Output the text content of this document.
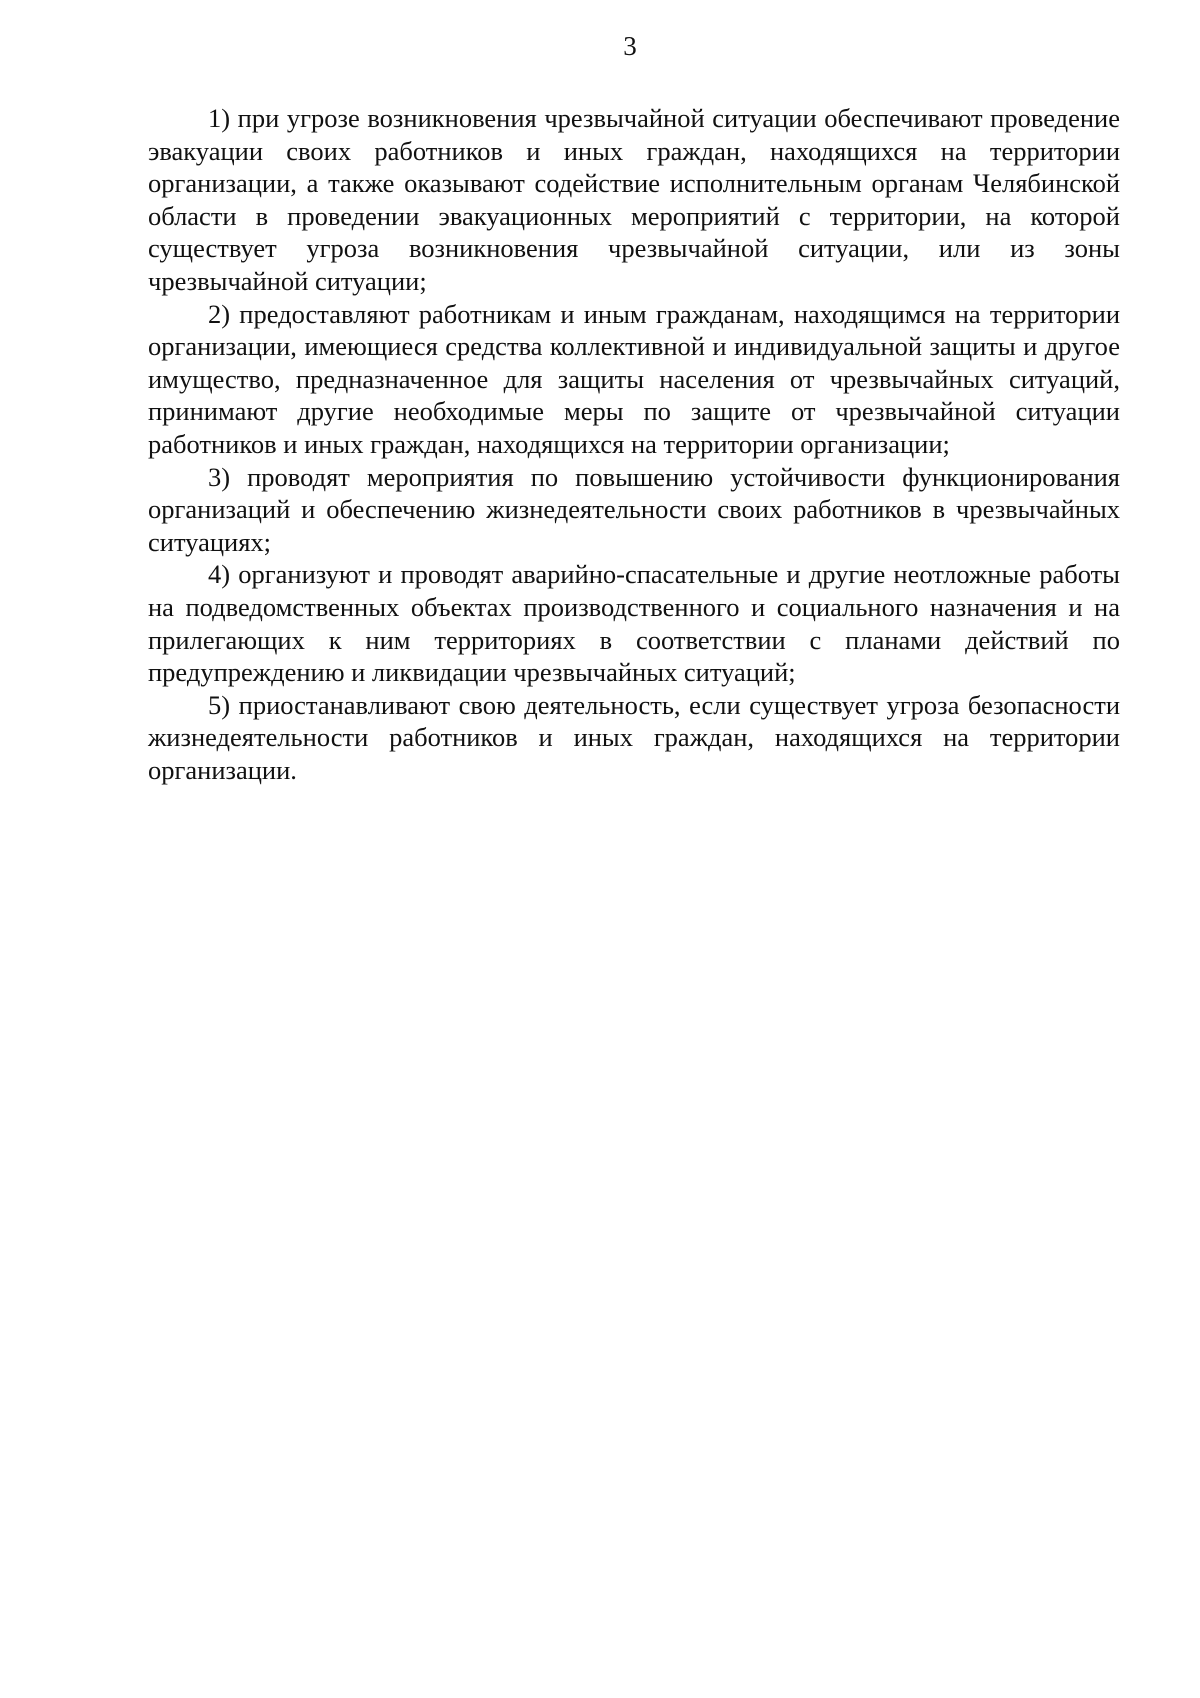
3

1) при угрозе возникновения чрезвычайной ситуации обеспечивают проведение эвакуации своих работников и иных граждан, находящихся на территории организации, а также оказывают содействие исполнительным органам Челябинской области в проведении эвакуационных мероприятий с территории, на которой существует угроза возникновения чрезвычайной ситуации, или из зоны чрезвычайной ситуации;

2) предоставляют работникам и иным гражданам, находящимся на территории организации, имеющиеся средства коллективной и индивидуальной защиты и другое имущество, предназначенное для защиты населения от чрезвычайных ситуаций, принимают другие необходимые меры по защите от чрезвычайной ситуации работников и иных граждан, находящихся на территории организации;

3) проводят мероприятия по повышению устойчивости функционирования организаций и обеспечению жизнедеятельности своих работников в чрезвычайных ситуациях;

4) организуют и проводят аварийно-спасательные и другие неотложные работы на подведомственных объектах производственного и социального назначения и на прилегающих к ним территориях в соответствии с планами действий по предупреждению и ликвидации чрезвычайных ситуаций;

5) приостанавливают свою деятельность, если существует угроза безопасности жизнедеятельности работников и иных граждан, находящихся на территории организации.
